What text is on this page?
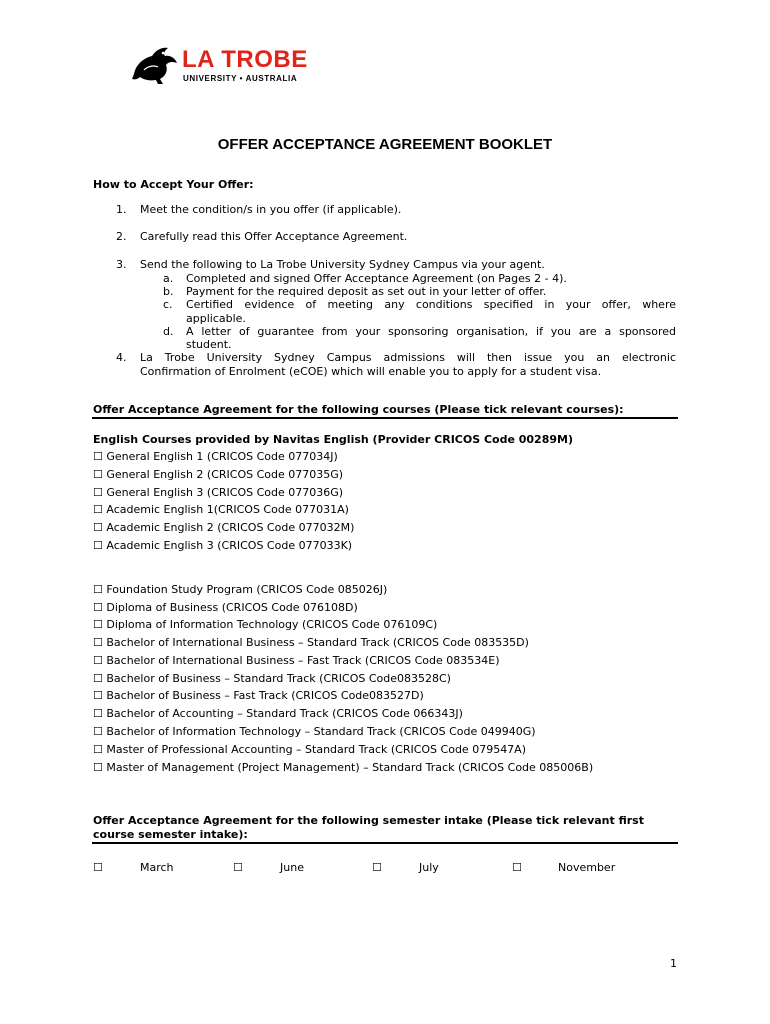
LA TROBE
UNIVERSITY • AUSTRALIA
OFFER ACCEPTANCE AGREEMENT BOOKLET
How to Accept Your Offer:
1. Meet the condition/s in you offer (if applicable).
2. Carefully read this Offer Acceptance Agreement.
3. Send the following to La Trobe University Sydney Campus via your agent.
a. Completed and signed Offer Acceptance Agreement (on Pages 2 - 4).
b. Payment for the required deposit as set out in your letter of offer.
c. Certified evidence of meeting any conditions specified in your offer, where
applicable.
d. A letter of guarantee from your sponsoring organisation, if you are a sponsored
student.
4. La Trobe University Sydney Campus admissions will then issue you an electronic
Confirmation of Enrolment (eCOE) which will enable you to apply for a student visa.
Offer Acceptance Agreement for the following courses (Please tick relevant courses):
English Courses provided by Navitas English (Provider CRICOS Code 00289M)
☐ General English 1 (CRICOS Code 077034J)
☐ General English 2 (CRICOS Code 077035G)
☐ General English 3 (CRICOS Code 077036G)
☐ Academic English 1(CRICOS Code 077031A)
☐ Academic English 2 (CRICOS Code 077032M)
☐ Academic English 3 (CRICOS Code 077033K)
☐ Foundation Study Program (CRICOS Code 085026J)
☐ Diploma of Business (CRICOS Code 076108D)
☐ Diploma of Information Technology (CRICOS Code 076109C)
☐ Bachelor of International Business – Standard Track (CRICOS Code 083535D)
☐ Bachelor of International Business – Fast Track (CRICOS Code 083534E)
☐ Bachelor of Business – Standard Track (CRICOS Code083528C)
☐ Bachelor of Business – Fast Track (CRICOS Code083527D)
☐ Bachelor of Accounting – Standard Track (CRICOS Code 066343J)
☐ Bachelor of Information Technology – Standard Track (CRICOS Code 049940G)
☐ Master of Professional Accounting – Standard Track (CRICOS Code 079547A)
☐ Master of Management (Project Management) – Standard Track (CRICOS Code 085006B)
Offer Acceptance Agreement for the following semester intake (Please tick relevant first
course semester intake):
☐	March	☐	June	☐	July	☐	November
1
